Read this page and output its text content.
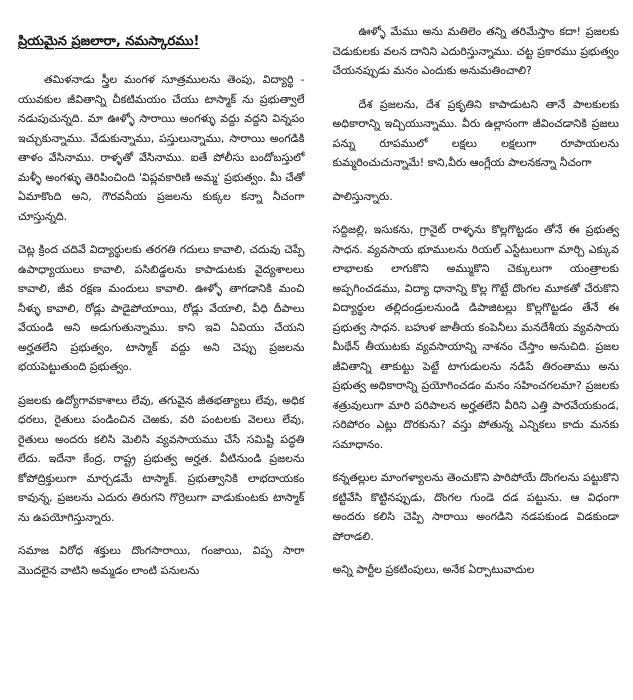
ప్రియమైన ప్రజలారా, నమస్కారము!

తమిళనాడు స్త్రీల మంగళ సూత్రములను తెంపు, విద్యార్థి - యువకుల జీవితాన్ని చీకటిమయం చేయు టాస్మాక్ ను ప్రభుత్వాలే నడుపుచున్నది. మా ఊళ్ళో సారాయి అంగళ్ళు వద్దు వద్దని విన్నపం ఇచ్చుకున్నాము. వేడుకున్నాము, పస్తులున్నాము, సారాయి అంగడికి తాళం వేసినాము. రాళ్ళతో వేసినాము. ఐతే పోలీసు బందోబస్తులో మళ్ళీ అంగళ్ళు తెరిపించింది 'విప్లవకారిణి అమ్మ' ప్రభుత్వం. మీ చేతో ఏమాకొంది అని, గౌరవనీయ ప్రజలను కుక్కల కన్నా నీచంగా చూస్తున్నది.

చెట్ల క్రింద చదివే విద్యార్థులకు తరగతి గదులు కావాలి, చదువు చెప్పే ఉపాధ్యాయులు కావాలి, పసిబిడ్డలను కాపాడుటకు వైద్యశాలలు కావాలి, జీవ రక్షణ మందులు కావాలి. ఊళ్ళో తాగడానికి మంచి నీళ్ళు కావాలి, రోడ్లు పాడైపోయాయి, రోడ్లు వేయాలి, వీధి దీపాలు వేయండి అని అడుగుతున్నాము. కాని ఇవి ఏవియు చేయని అర్హతలేని ప్రభుత్వం, టాస్మాక్ వద్దు అని చెప్పు ప్రజలను భయపెట్టుతుంది ప్రభుత్వం.

ప్రజలకు ఉద్యోగావకాశాలు లేవు, తగువైన జీతభత్యాలు లేవు, అధిక ధరలు, రైతులు పండించిన చెఱకు, వరి పంటలకు వెలలు లేవు, రైతులు అందరు కలిసి మెలిసి వ్యవసాయము చేసే సమిష్టి పద్ధతి లేదు. ఇదేనా కేంద్ర, రాష్ట్ర ప్రభుత్వ అర్హత. వీటినుండి ప్రజలను కోపోద్రిక్తులుగా మార్చడమే టాస్మాక్. ప్రభుత్వానికి లాభదాయకం కావున్న, ప్రజలను ఎదురు తిరుగని గొర్రెలుగా వాడుకుంటకు టాస్మాక్ ను ఉపయోగిస్తున్నారు.

సమాజ విరోధ శక్తులు దొంగసారాయి, గంజాయి, విప్ప సారా మొదలైన వాటిని అమ్మడం లాంటి పనులను

ఊళ్ళో మేము అను మతిలెం తన్ని తరిమేస్తాం కదా! ప్రజలకు చెడుకులకు వలన దానిని ఎదురిస్తున్నాము. చట్ట ప్రకారము ప్రభుత్వం చేయనప్పుడు మనం ఎందుకు అనుమతించాలి?

దేశ ప్రజలను, దేశ ప్రకృతిని కాపాడుటని తానే పాలకులకు అధికారాన్ని ఇచ్చియున్నాము. వీరు ఉల్లాసంగా జీవించడానికి ప్రజలు పన్ను రూపములో లక్షలు లక్షలుగా రూపాయలను కుమ్మరించుచున్నామే! కాని,వీరు ఆంగ్లేయ పాలనకన్నా నీచంగా

పాలిస్తున్నారు.

సద్దిజల్లి, ఇసుకను, గ్రానైట్ రాళ్ళను కొల్లగొట్టడం తోనే ఈ ప్రభుత్వ సాధన. వ్యవసాయ భూములను రియల్ ఎస్టేటులుగా మార్చి ఎక్కువ లాభాలకు లాగుకొని అమ్ముకొని చెక్కులుగా యంత్రాలకు అప్పగించడము, విద్యా ధానాన్ని కొల్ల గొట్టే దొంగల మూకతో చేరుకొని విద్యార్థుల తల్లిదండ్రులనుండి డిపాజిటల్లు కొల్లగొట్టడం తేనే ఈ ప్రభుత్వ సాధన. బహుళ జాతీయ కంపెనీలు మనదేశీయ వ్యవసాయ మీథేన్ తీయుటకు వ్యవసాయాన్ని నాశనం చేస్తాం అనుచిది. ప్రజల జీవితాన్ని తాకుట్టు పెట్టే టాగుడులను నడిపే తిరంతాము అను ప్రభుత్వ అధికారాన్ని ప్రయోగించడం మనం సహించగలమా? ప్రజలకు శత్రువులుగా మారి పరిపాలన అర్హతలేని వీరిని ఎత్తి పారవేయకుండ, సరిపోరం ఎట్లు దొరకును? వస్తు పోతున్న ఎన్నికలు కాదు మనకు సమాధానం.

కన్నతల్లుల మాంగళ్యాలను తెంచుకొని పారిపోయే దొంగలను పట్టుకొని కట్టివేసి కొట్టినప్పుడు, దొంగల గుండె దడ పట్టును. ఆ విధంగా అందరు కలిసి చెప్పి సారాయి అంగడిని నడపకుండ విడకుండా పోరాడలి.

అన్ని పార్టీల ప్రకటింపులు, అనేక ఏర్పాటువాదుల
